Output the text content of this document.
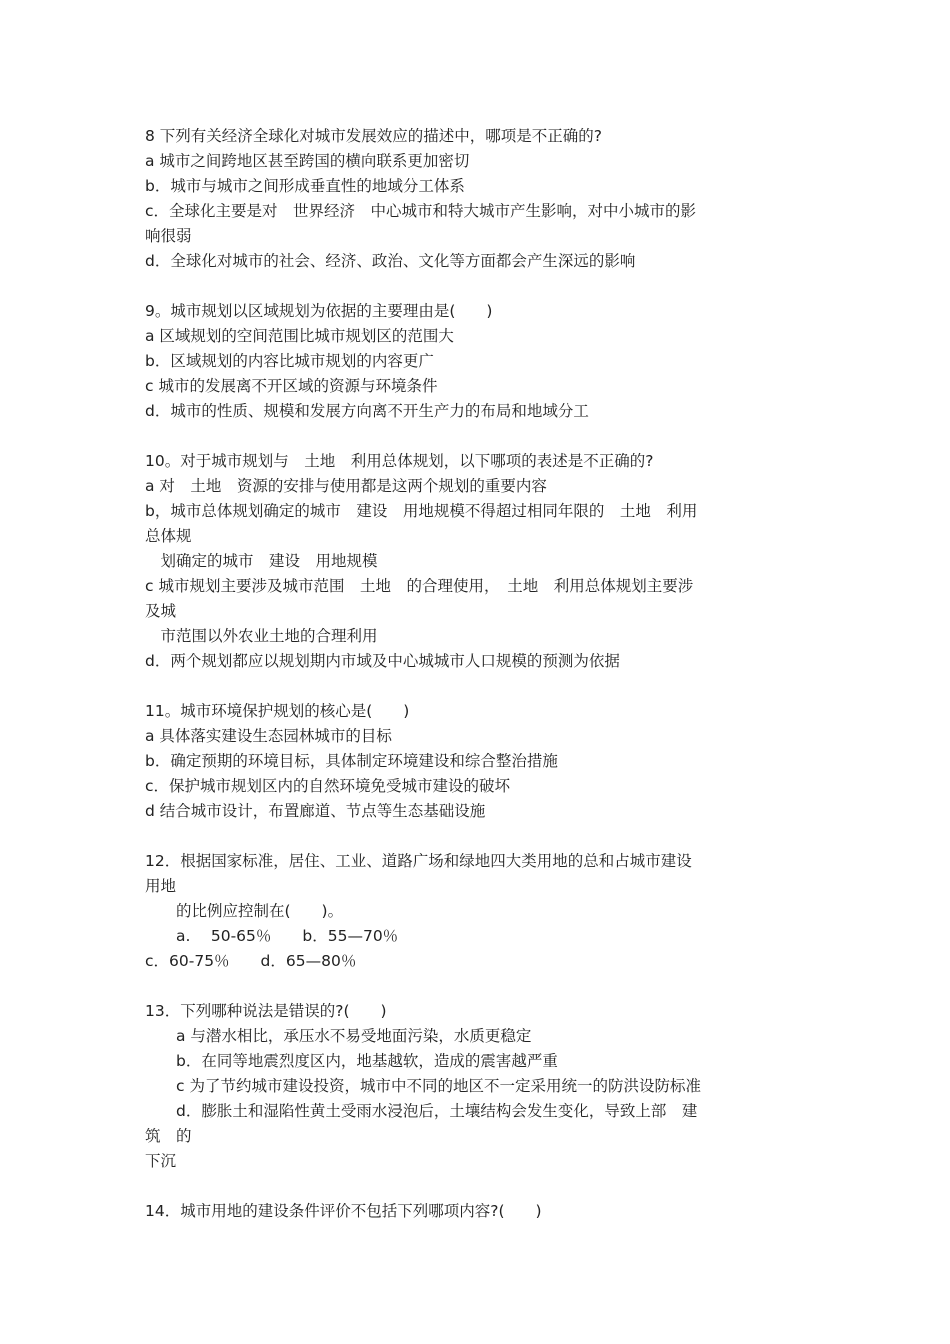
8 下列有关经济全球化对城市发展效应的描述中，哪项是不正确的?
a 城市之间跨地区甚至跨国的横向联系更加密切
b．城市与城市之间形成垂直性的地域分工体系
c．全球化主要是对　世界经济　中心城市和特大城市产生影响，对中小城市的影
响很弱
d．全球化对城市的社会、经济、政治、文化等方面都会产生深远的影响
9。城市规划以区域规划为依据的主要理由是(　　)
a 区域规划的空间范围比城市规划区的范围大
b．区域规划的内容比城市规划的内容更广
c 城市的发展离不开区域的资源与环境条件
d．城市的性质、规模和发展方向离不开生产力的布局和地域分工
10。对于城市规划与　土地　利用总体规划，以下哪项的表述是不正确的?
a 对　土地　资源的安排与使用都是这两个规划的重要内容
b，城市总体规划确定的城市　建设　用地规模不得超过相同年限的　土地　利用
总体规
　划确定的城市　建设　用地规模
c 城市规划主要涉及城市范围　土地　的合理使用，　土地　利用总体规划主要涉
及城
　市范围以外农业土地的合理利用
d．两个规划都应以规划期内市域及中心城城市人口规模的预测为依据
11。城市环境保护规划的核心是(　　)
a 具体落实建设生态园林城市的目标
b．确定预期的环境目标，具体制定环境建设和综合整治措施
c．保护城市规划区内的自然环境免受城市建设的破坏
d 结合城市设计，布置廊道、节点等生态基础设施
12．根据国家标准，居住、工业、道路广场和绿地四大类用地的总和占城市建设
用地
　　的比例应控制在(　　)。
　　a.　 50-65％　　b．55—70％
c．60-75％　　d．65—80％
13．下列哪种说法是错误的?(　　)
　　a 与潜水相比，承压水不易受地面污染，水质更稳定
　　b．在同等地震烈度区内，地基越软，造成的震害越严重
　　c 为了节约城市建设投资，城市中不同的地区不一定采用统一的防洪设防标准
　　d．膨胀土和湿陷性黄土受雨水浸泡后，土壤结构会发生变化，导致上部　建
筑　的
下沉
14．城市用地的建设条件评价不包括下列哪项内容?(　　)
